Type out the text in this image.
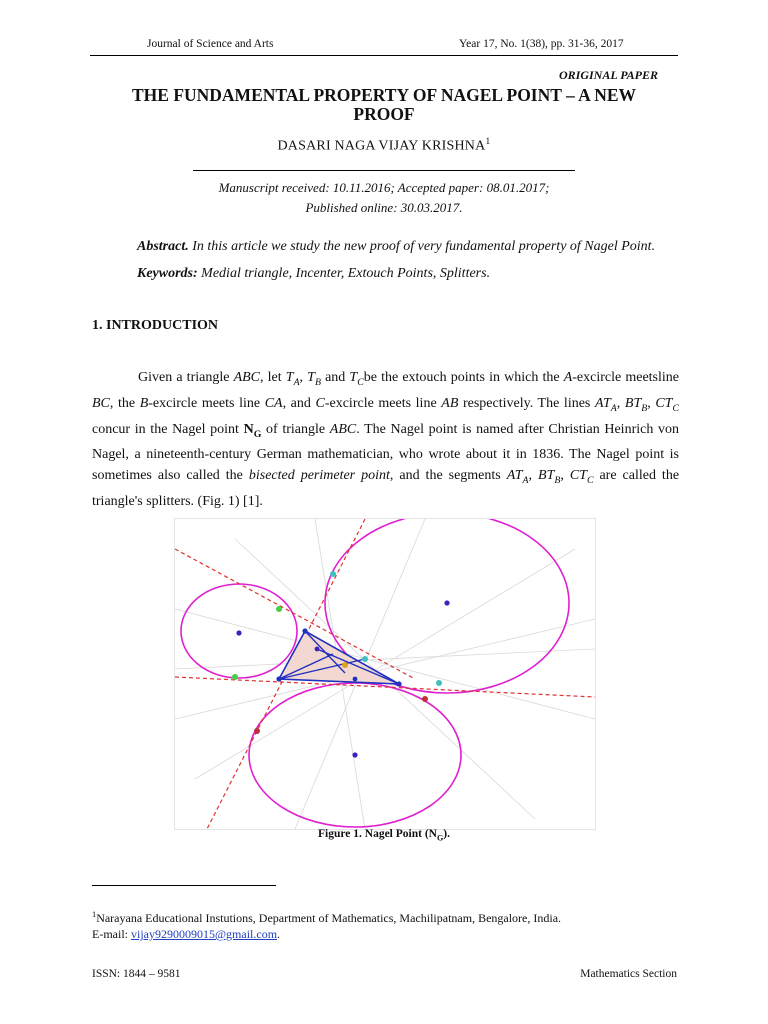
Journal of Science and Arts	Year 17, No. 1(38), pp. 31-36, 2017
ORIGINAL PAPER
THE FUNDAMENTAL PROPERTY OF NAGEL POINT – A NEW PROOF
DASARI NAGA VIJAY KRISHNA$^1$
Manuscript received: 10.11.2016; Accepted paper: 08.01.2017;
Published online: 30.03.2017.
Abstract. In this article we study the new proof of very fundamental property of Nagel Point.
Keywords: Medial triangle, Incenter, Extouch Points, Splitters.
1. INTRODUCTION
Given a triangle ABC, let $T_A$, $T_B$ and $T_Cbe$ the extouch points in which the A-excircle meetsline BC, the B-excircle meets line CA, and C-excircle meets line AB respectively. The lines $AT_A$, $BT_B$, $CT_C$ concur in the Nagel point $N_G$ of triangle ABC. The Nagel point is named after Christian Heinrich von Nagel, a nineteenth-century German mathematician, who wrote about it in 1836. The Nagel point is sometimes also called the bisected perimeter point, and the segments $AT_A$, $BT_B$, $CT_C$ are called the triangle's splitters. (Fig. 1) [1].
Figure 1. Nagel Point $(N_G)$.
$^1$Narayana Educational Instutions, Department of Mathematics, Machilipatnam, Bengalore, India.
E-mail: vijay9290009015@gmail.com.
ISSN: 1844 – 9581	Mathematics Section
